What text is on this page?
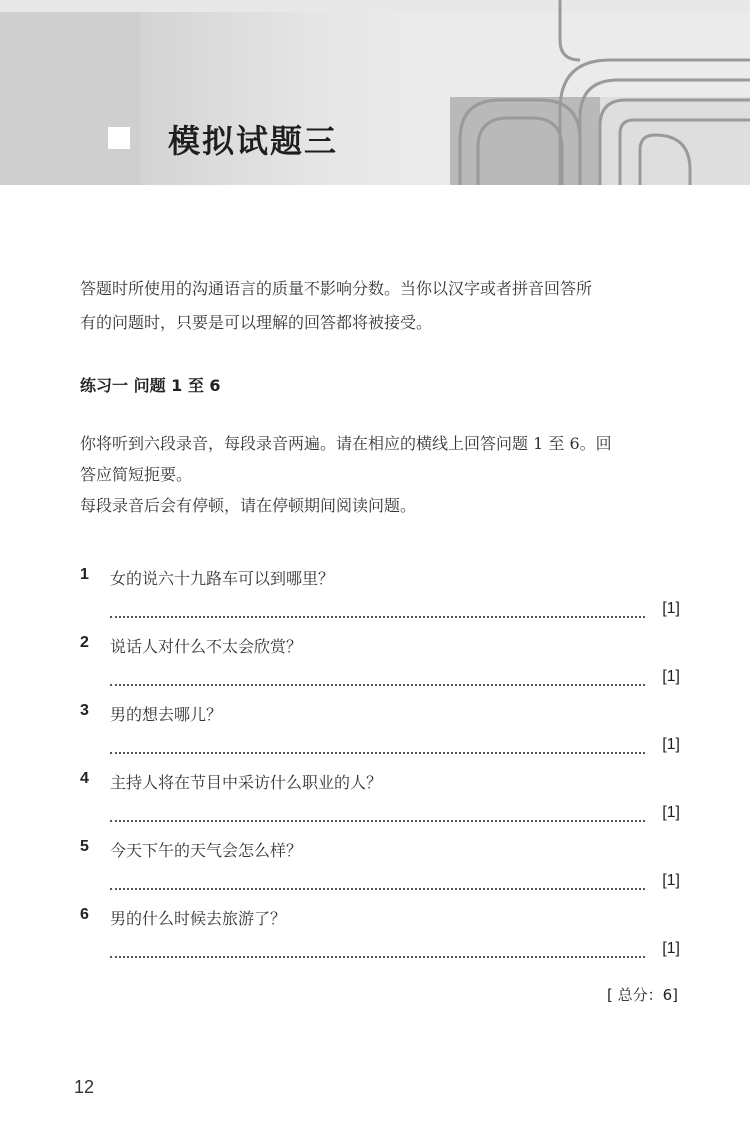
模拟试题三

答题时所使用的沟通语言的质量不影响分数。当你以汉字或者拼音回答所

有的问题时，只要是可以理解的回答都将被接受。

练习一 问题 1 至 6

你将听到六段录音，每段录音两遍。请在相应的横线上回答问题 1 至 6。回

答应简短扼要。

每段录音后会有停顿，请在停顿期间阅读问题。

1 女的说六十九路车可以到哪里？
[1]
2 说话人对什么不太会欣赏？
[1]
3 男的想去哪儿？
[1]
4 主持人将在节目中采访什么职业的人？
[1]
5 今天下午的天气会怎么样？
[1]
6 男的什么时候去旅游了？
[1]
[ 总分：6]
12
